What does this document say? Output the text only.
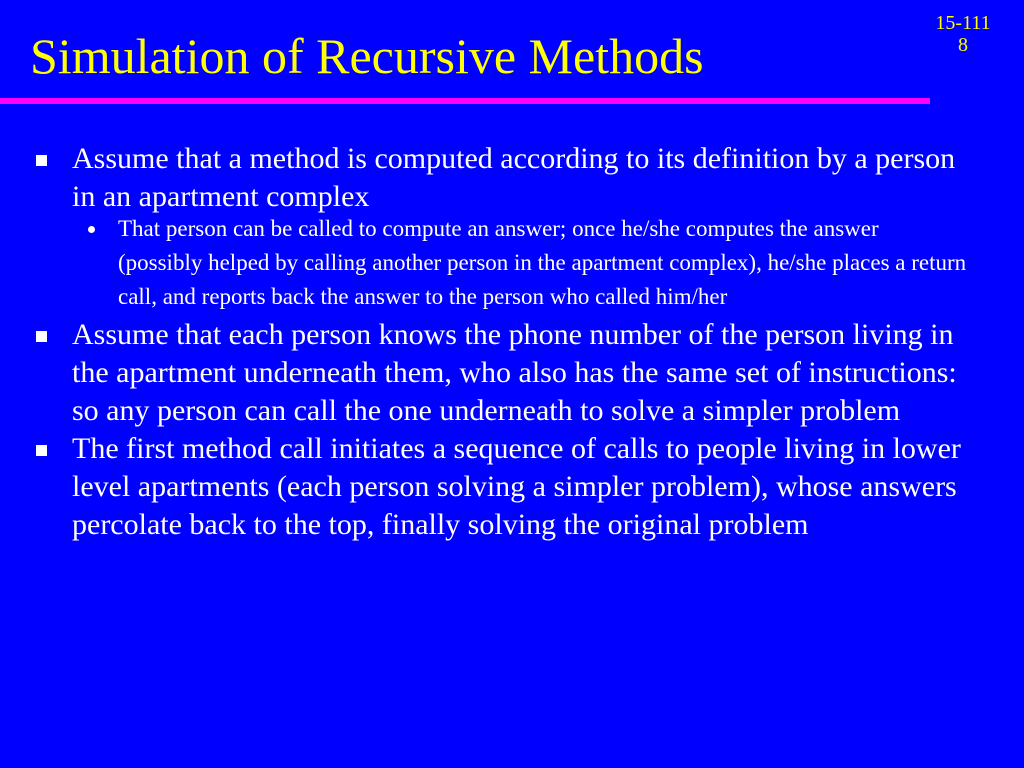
Simulation of Recursive Methods
15-111
8
Assume that a method is computed according to its definition by a person in an apartment complex
That person can be called to compute an answer; once he/she computes the answer (possibly helped by calling another person in the apartment complex), he/she places a return call, and reports back the answer to the person who called him/her
Assume that each person knows the phone number of the person living in the apartment underneath them, who also has the same set of instructions: so any person can call the one underneath to solve a simpler problem
The first method call initiates a sequence of calls to people living in lower level apartments (each person solving a simpler problem), whose answers percolate back to the top, finally solving the original problem
